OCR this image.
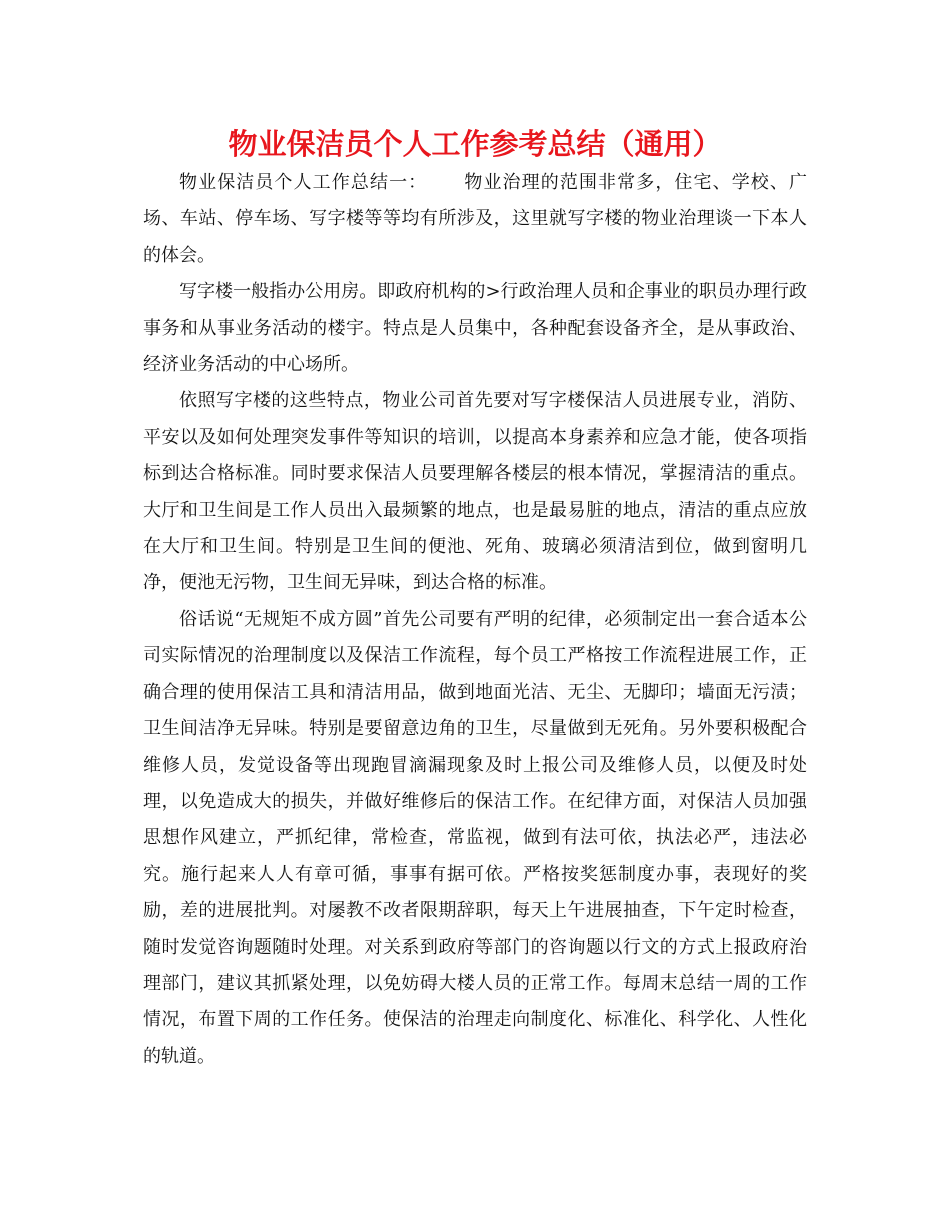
物业保洁员个人工作参考总结（通用）

物业保洁员个人工作总结一： 物业治理的范围非常多，住宅、学校、广场、车站、停车场、写字楼等等均有所涉及，这里就写字楼的物业治理谈一下本人的体会。

写字楼一般指办公用房。即政府机构的>行政治理人员和企事业的职员办理行政事务和从事业务活动的楼宇。特点是人员集中，各种配套设备齐全，是从事政治、经济业务活动的中心场所。

依照写字楼的这些特点，物业公司首先要对写字楼保洁人员进展专业，消防、平安以及如何处理突发事件等知识的培训，以提高本身素养和应急才能，使各项指标到达合格标准。同时要求保洁人员要理解各楼层的根本情况，掌握清洁的重点。大厅和卫生间是工作人员出入最频繁的地点，也是最易脏的地点，清洁的重点应放在大厅和卫生间。特别是卫生间的便池、死角、玻璃必须清洁到位，做到窗明几净，便池无污物，卫生间无异味，到达合格的标准。

俗话说“无规矩不成方圆”首先公司要有严明的纪律，必须制定出一套合适本公司实际情况的治理制度以及保洁工作流程，每个员工严格按工作流程进展工作，正确合理的使用保洁工具和清洁用品，做到地面光洁、无尘、无脚印；墙面无污渍；卫生间洁净无异味。特别是要留意边角的卫生，尽量做到无死角。另外要积极配合维修人员，发觉设备等出现跑冒滴漏现象及时上报公司及维修人员，以便及时处理，以免造成大的损失，并做好维修后的保洁工作。在纪律方面，对保洁人员加强思想作风建立，严抓纪律，常检查，常监视，做到有法可依，执法必严，违法必究。施行起来人人有章可循，事事有据可依。严格按奖惩制度办事，表现好的奖励，差的进展批判。对屡教不改者限期辞职，每天上午进展抽查，下午定时检查，随时发觉咨询题随时处理。对关系到政府等部门的咨询题以行文的方式上报政府治理部门，建议其抓紧处理，以免妨碍大楼人员的正常工作。每周末总结一周的工作情况，布置下周的工作任务。使保洁的治理走向制度化、标准化、科学化、人性化的轨道。
